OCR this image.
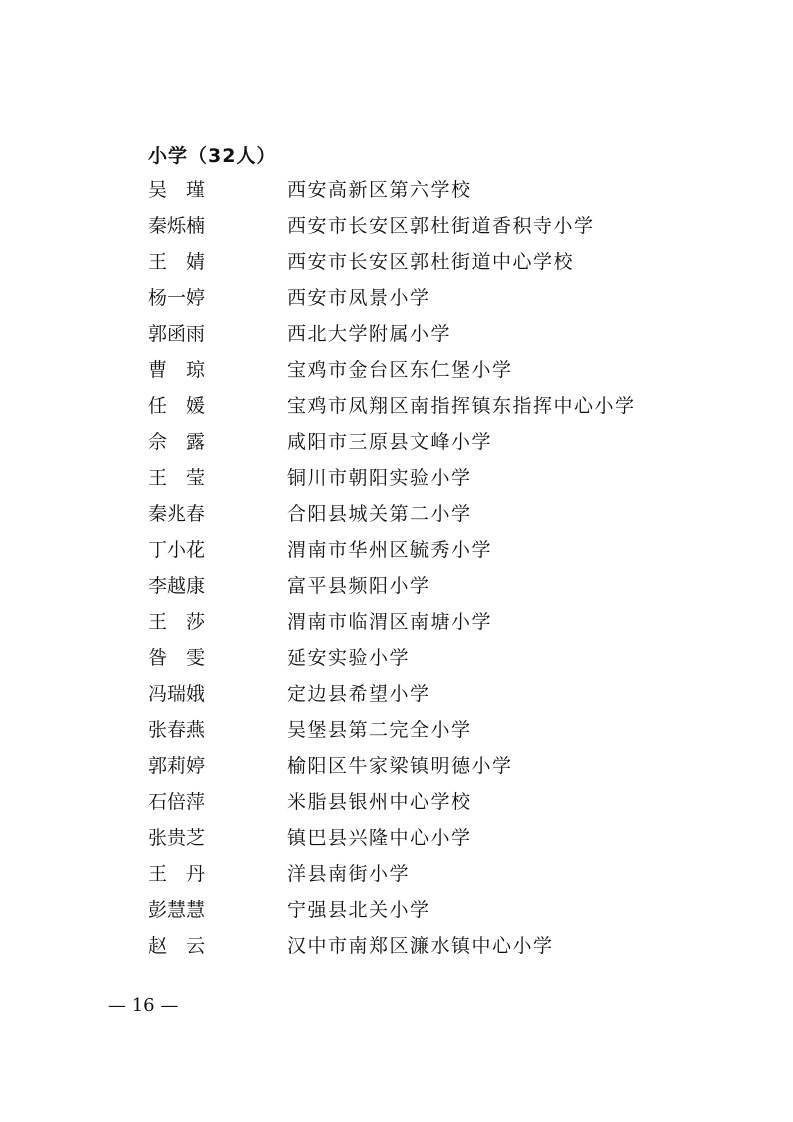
小学（32人）
吴　瑾	西安高新区第六学校
秦烁楠	西安市长安区郭杜街道香积寺小学
王　婧	西安市长安区郭杜街道中心学校
杨一婷	西安市凤景小学
郭函雨	西北大学附属小学
曹　琼	宝鸡市金台区东仁堡小学
任　媛	宝鸡市凤翔区南指挥镇东指挥中心小学
佘　露	咸阳市三原县文峰小学
王　莹	铜川市朝阳实验小学
秦兆春	合阳县城关第二小学
丁小花	渭南市华州区毓秀小学
李越康	富平县频阳小学
王　莎	渭南市临渭区南塘小学
昝　雯	延安实验小学
冯瑞娥	定边县希望小学
张春燕	吴堡县第二完全小学
郭莉婷	榆阳区牛家梁镇明德小学
石倍萍	米脂县银州中心学校
张贵芝	镇巴县兴隆中心小学
王　丹	洋县南街小学
彭慧慧	宁强县北关小学
赵　云	汉中市南郑区濂水镇中心小学
— 16 —
